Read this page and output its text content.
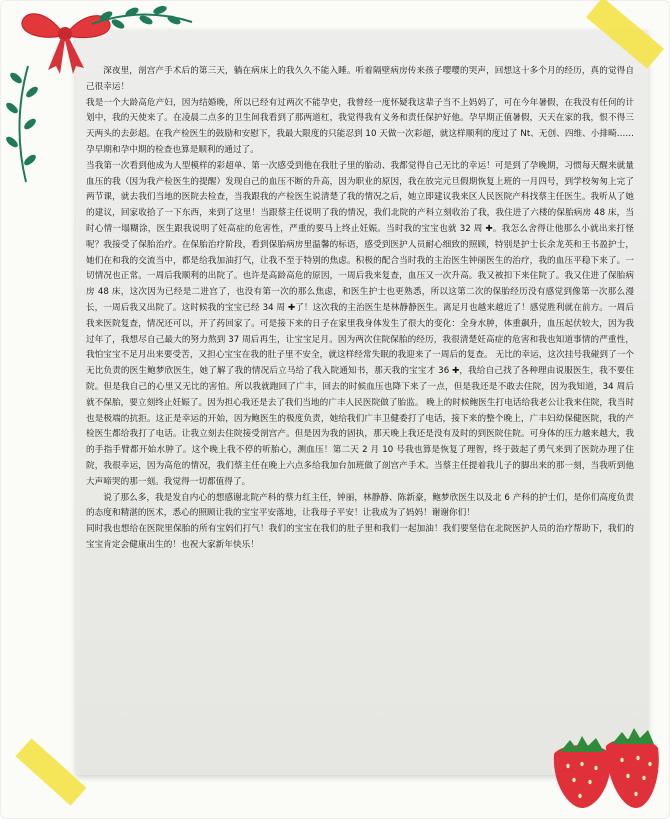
深夜里，剖宫产手术后的第三天，躺在病床上的我久久不能入睡。听着隔壁病房传来孩子嘤嘤的哭声，回想这十多个月的经历，真的觉得自己很幸运！

我是一个大龄高危产妇，因为结婚晚，所以已经有过两次不能孕史，我曾经一度怀疑我这辈子当不上妈妈了，可在今年暑假，在我没有任何的计划中，我的天使来了。在凌晨二点多的卫生间我看到了那两道杠，我觉得我有义务和责任保护好他。孕早期正值暑假，天天在家的我，恨不得三天两头的去彭超。在我产检医生的鼓励和安慰下，我最大限度的只能忍到 10 天做一次彩超，就这样顺利的度过了 Nt、无创、四维、小排畸……孕早期和孕中期的检查也算是顺利的通过了。

当我第一次看到他成为人型模样的彩超单、第一次感受到他在我肚子里的胎动、我都觉得自己无比的幸运！可是到了孕晚期，习惯每天醒来就量血压的我（因为我产检医生的提醒）发现自己的血压不断的升高，因为职业的原因，我在放完元旦假期恢复上班的一月四号，到学校匆匆上完了两节课，就去我们当地的医院去检查，当我跟我的产检医生说清楚了我的情况之后，她立即建议我来区人民医院产科找蔡主任医生。我听从了她的建议，回家收拾了一下东西，来到了这里！当跟蔡主任说明了我的情况，我们北院的产科立刻收治了我，我住进了六楼的保胎病房 48 床，当时心情一塌糊涂，医生跟我说明了妊高症的危害性，严重的要马上终止妊娠。当时我的宝宝也就 32 周 ✚。我怎么舍得让他那么小就出来打怪呢？我接受了保胎治疗。在保胎治疗阶段，看到保胎病房里温馨的标语，感受到医护人员耐心细致的照顾，特别是护士长余龙英和王书盈护士，她们在和我的交流当中，都是给我加油打气，让我不至于特别的焦虑。积极的配合当时我的主治医生钟丽医生的治疗，我的血压平稳下来了。一切情况也正常。一周后我顺利的出院了。也许是高龄高危的原因，一周后我来复查，血压又一次升高。我又被扣下来住院了。我又住进了保胎病房 48 床，这次因为已经是二进宫了，也没有第一次的那么焦虑，和医生护士也更熟悉，所以这第二次的保胎经历没有感觉到像第一次那么漫长，一周后我又出院了。这时候我的宝宝已经 34 周 ✚了！这次我的主治医生是林静静医生。离足月也越来越近了！感觉胜利就在前方。一周后我来医院复查，情况还可以，开了药回家了。可是接下来的日子在家里我身体发生了很大的变化：全身水肿，体重飙升，血压起伏较大，因为我过年了，我想尽自己最大的努力熬到 37 周后再生，让宝宝足月。因为两次住院保胎的经历，我很清楚妊高症的危害和我也知道事情的严重性，我怕宝宝不足月出来要受苦，又担心宝宝在我的肚子里不安全，就这样经常失眠的我迎来了一周后的复查。 无比的幸运，这次挂号我碰到了一个无比负责的医生鲍梦欣医生，她了解了我的情况后立马给了我入院通知书，那天我的宝宝才 36 ✚，我给自己找了各种理由说服医生，我不要住院。但是我自己的心里又无比的害怕。所以我就跑回了广丰，回去的时候血压也降下来了一点，但是我还是不敢去住院，因为我知道，34 周后就不保胎，要立刻终止妊娠了。因为担心我还是去了我们当地的广丰人民医院做了胎监。 晚上的时候鲍医生打电话给我老公让我来住院，我当时也是极端的抗拒。这正是幸运的开始，因为鲍医生的极度负责，她给我们广丰卫健委打了电话，接下来的整个晚上，广丰妇幼保健医院，我的产检医生都给我打了电话。让我立刻去住院接受剖宫产。但是因为我的固执，那天晚上我还是没有及时的到医院住院。可身体的压力越来越大，我的手指手臂都开始水肿了。这个晚上我不停的听胎心，测血压！第二天 2 月 10 号我也算是恢复了理智，终于鼓起了勇气来到了医院办理了住院，我很幸运，因为高危的情况，我们蔡主任在晚上六点多给我加台加班做了剖宫产手术。当蔡主任提着我儿子的脚出来的那一刻，当我听到他大声啼哭的那一刻。我觉得一切都值得了。

说了那么多，我是发自内心的想感谢北院产科的蔡力红主任，钟丽，林静静、陈新豪，鲍梦欣医生以及北 6 产科的护士们，是你们高度负责的态度和精湛的医术，悉心的照顾让我的宝宝平安落地，让我母子平安！让我成为了妈妈！谢谢你们！

同时我也想给在医院里保胎的所有宝妈们打气！我们的宝宝在我们的肚子里和我们一起加油！我们要坚信在北院医护人员的治疗帮助下，我们的宝宝肯定会健康出生的！也祝大家新年快乐！
